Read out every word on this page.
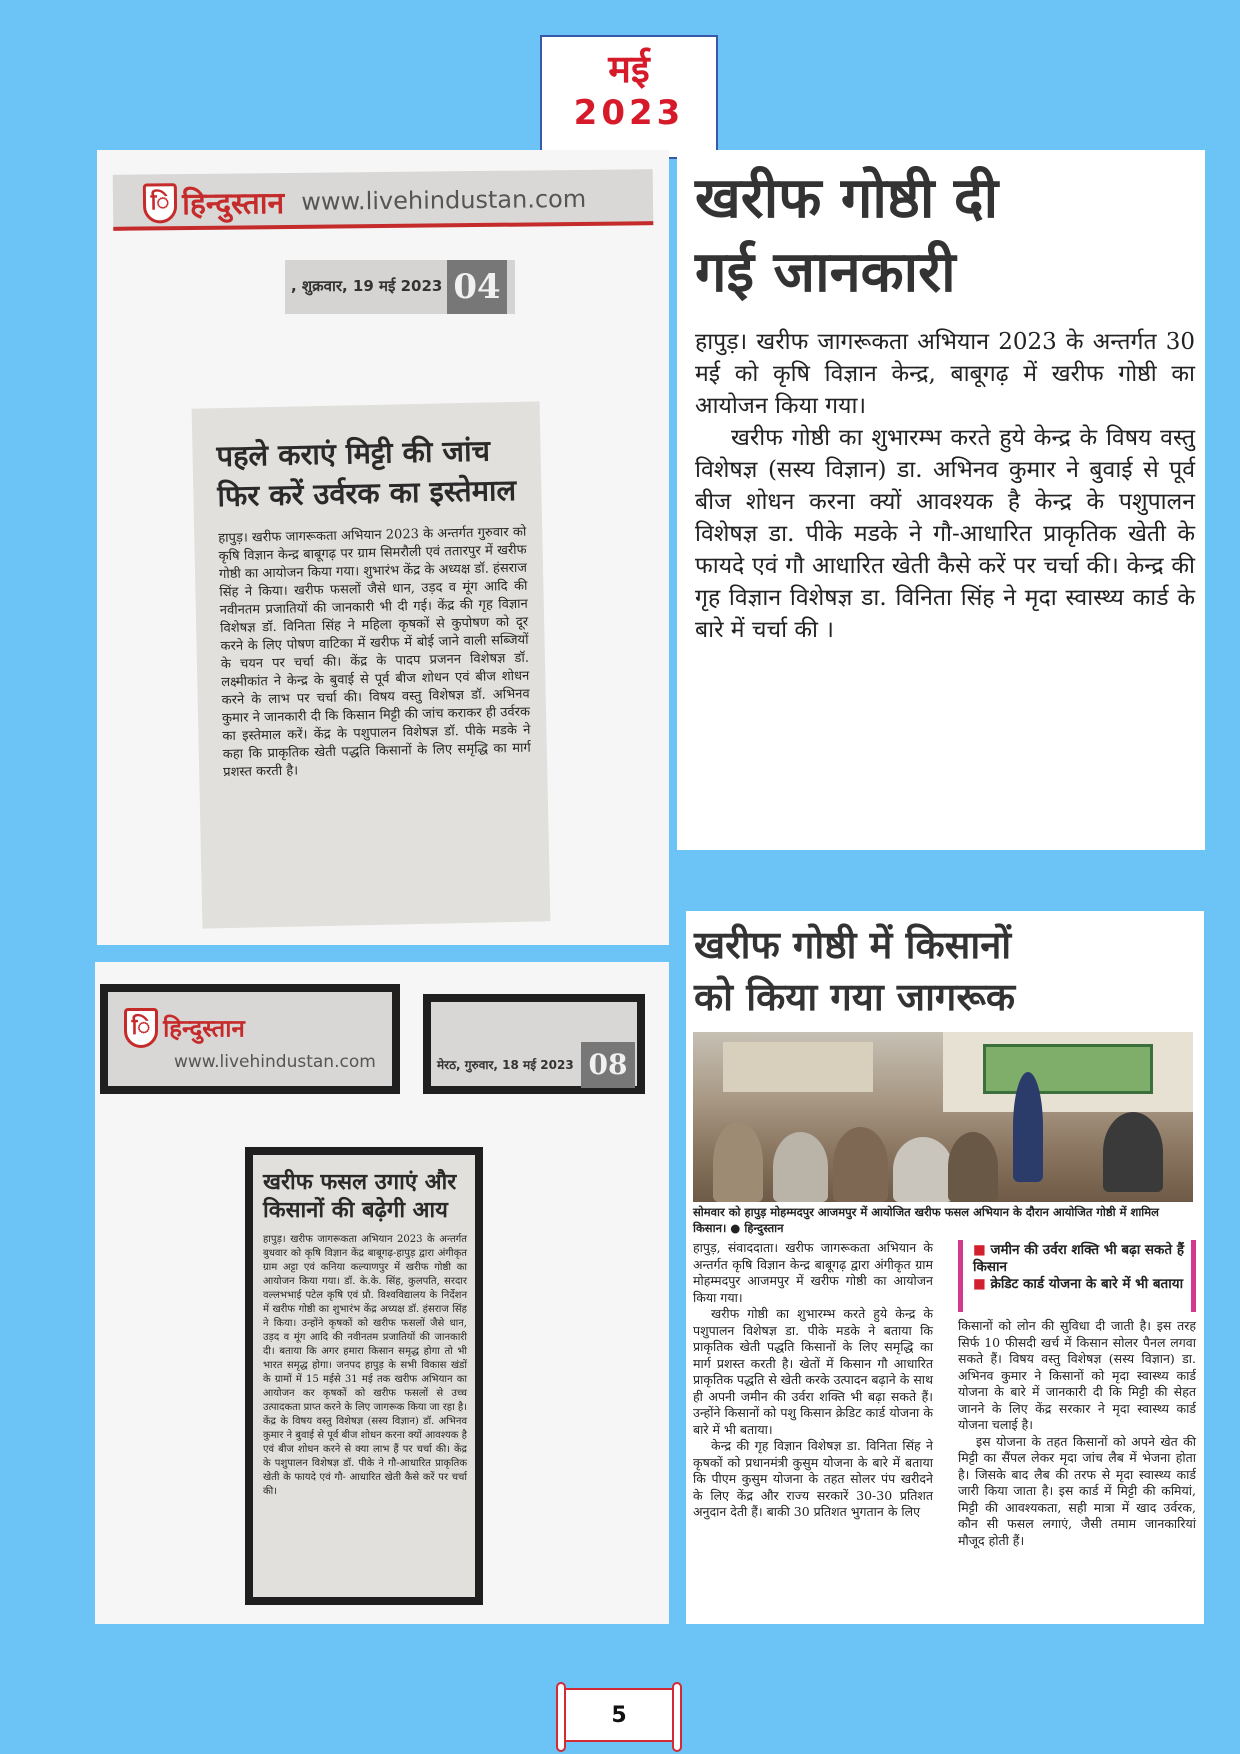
मई
2023
ि हिन्दुस्तान www.livehindustan.com
, शुक्रवार, 19 मई 2023 04
पहले कराएं मिट्टी की जांच
फिर करें उर्वरक का इस्तेमाल
हापुड़। खरीफ जागरूकता अभियान 2023 के अन्तर्गत गुरुवार को कृषि विज्ञान केन्द्र बाबूगढ़ पर ग्राम सिमरौली एवं ततारपुर में खरीफ गोष्ठी का आयोजन किया गया। शुभारंभ केंद्र के अध्यक्ष डॉ. हंसराज सिंह ने किया। खरीफ फसलों जैसे धान, उड़द व मूंग आदि की नवीनतम प्रजातियों की जानकारी भी दी गई। केंद्र की गृह विज्ञान विशेषज्ञ डॉ. विनिता सिंह ने महिला कृषकों से कुपोषण को दूर करने के लिए पोषण वाटिका में खरीफ में बोई जाने वाली सब्जियों के चयन पर चर्चा की। केंद्र के पादप प्रजनन विशेषज्ञ डॉ. लक्ष्मीकांत ने केन्द्र के बुवाई से पूर्व बीज शोधन एवं बीज शोधन करने के लाभ पर चर्चा की। विषय वस्तु विशेषज्ञ डॉ. अभिनव कुमार ने जानकारी दी कि किसान मिट्टी की जांच कराकर ही उर्वरक का इस्तेमाल करें। केंद्र के पशुपालन विशेषज्ञ डॉ. पीके मडके ने कहा कि प्राकृतिक खेती पद्धति किसानों के लिए समृद्धि का मार्ग प्रशस्त करती है।
ि हिन्दुस्तान
www.livehindustan.com	मेरठ, गुरुवार, 18 मई 2023 08
खरीफ फसल उगाएं और
किसानों की बढ़ेगी आय
हापुड़। खरीफ जागरूकता अभियान 2023 के अन्तर्गत बुधवार को कृषि विज्ञान केंद्र बाबूगढ़-हापुड़ द्वारा अंगीकृत ग्राम अट्टा एवं कनिया कल्याणपुर में खरीफ गोष्ठी का आयोजन किया गया। डॉ. के.के. सिंह, कुलपति, सरदार वल्लभभाई पटेल कृषि एवं प्रौ. विश्वविद्यालय के निर्देशन में खरीफ गोष्ठी का शुभारंभ केंद्र अध्यक्ष डॉ. हंसराज सिंह ने किया। उन्होंने कृषकों को खरीफ फसलों जैसे धान, उड़द व मूंग आदि की नवीनतम प्रजातियों की जानकारी दी। बताया कि अगर हमारा किसान समृद्ध होगा तो भी भारत समृद्ध होगा। जनपद हापुड़ के सभी विकास खंडों के ग्रामों में 15 मईसे 31 मई तक खरीफ अभियान का आयोजन कर कृषकों को खरीफ फसलों से उच्च उत्पादकता प्राप्त करने के लिए जागरूक किया जा रहा है। केंद्र के विषय वस्तु विशेषज्ञ (सस्य विज्ञान) डॉ. अभिनव कुमार ने बुवाई से पूर्व बीज शोधन करना क्यों आवश्यक है एवं बीज शोधन करने से क्या लाभ हैं पर चर्चा की। केंद्र के पशुपालन विशेषज्ञ डॉ. पीके ने गौ-आधारित प्राकृतिक खेती के फायदे एवं गौ- आधारित खेती कैसे करें पर चर्चा की।
खरीफ गोष्ठी दी
गई जानकारी
हापुड़। खरीफ जागरूकता अभियान 2023 के अन्तर्गत 30 मई को कृषि विज्ञान केन्द्र, बाबूगढ़ में खरीफ गोष्ठी का आयोजन किया गया।
खरीफ गोष्ठी का शुभारम्भ करते हुये केन्द्र के विषय वस्तु विशेषज्ञ (सस्य विज्ञान) डा. अभिनव कुमार ने बुवाई से पूर्व बीज शोधन करना क्यों आवश्यक है केन्द्र के पशुपालन विशेषज्ञ डा. पीके मडके ने गौ-आधारित प्राकृतिक खेती के फायदे एवं गौ आधारित खेती कैसे करें पर चर्चा की। केन्द्र की गृह विज्ञान विशेषज्ञ डा. विनिता सिंह ने मृदा स्वास्थ्य कार्ड के बारे में चर्चा की ।
खरीफ गोष्ठी में किसानों
को किया गया जागरूक
सोमवार को हापुड़ मोहम्मदपुर आजमपुर में आयोजित खरीफ फसल अभियान के दौरान आयोजित गोष्ठी में शामिल किसान। ● हिन्दुस्तान
हापुड़, संवाददाता। खरीफ जागरूकता अभियान के अन्तर्गत कृषि विज्ञान केन्द्र बाबूगढ़ द्वारा अंगीकृत ग्राम मोहम्मदपुर आजमपुर में खरीफ गोष्ठी का आयोजन किया गया।
खरीफ गोष्ठी का शुभारम्भ करते हुये केन्द्र के पशुपालन विशेषज्ञ डा. पीके मडके ने बताया कि प्राकृतिक खेती पद्धति किसानों के लिए समृद्धि का मार्ग प्रशस्त करती है। खेतों में किसान गौ आधारित प्राकृतिक पद्धति से खेती करके उत्पादन बढ़ाने के साथ ही अपनी जमीन की उर्वरा शक्ति भी बढ़ा सकते हैं। उन्होंने किसानों को पशु किसान क्रेडिट कार्ड योजना के बारे में भी बताया।
केन्द्र की गृह विज्ञान विशेषज्ञ डा. विनिता सिंह ने कृषकों को प्रधानमंत्री कुसुम योजना के बारे में बताया कि पीएम कुसुम योजना के तहत सोलर पंप खरीदने के लिए केंद्र और राज्य सरकारें 30-30 प्रतिशत अनुदान देती हैं। बाकी 30 प्रतिशत भुगतान के लिए
■ जमीन की उर्वरा शक्ति भी बढ़ा सकते हैं किसान
■ क्रेडिट कार्ड योजना के बारे में भी बताया
किसानों को लोन की सुविधा दी जाती है। इस तरह सिर्फ 10 फीसदी खर्च में किसान सोलर पैनल लगवा सकते हैं। विषय वस्तु विशेषज्ञ (सस्य विज्ञान) डा. अभिनव कुमार ने किसानों को मृदा स्वास्थ्य कार्ड योजना के बारे में जानकारी दी कि मिट्टी की सेहत जानने के लिए केंद्र सरकार ने मृदा स्वास्थ्य कार्ड योजना चलाई है।
इस योजना के तहत किसानों को अपने खेत की मिट्टी का सैंपल लेकर मृदा जांच लैब में भेजना होता है। जिसके बाद लैब की तरफ से मृदा स्वास्थ्य कार्ड जारी किया जाता है। इस कार्ड में मिट्टी की कमियां, मिट्टी की आवश्यकता, सही मात्रा में खाद उर्वरक, कौन सी फसल लगाएं, जैसी तमाम जानकारियां मौजूद होती हैं।
5
